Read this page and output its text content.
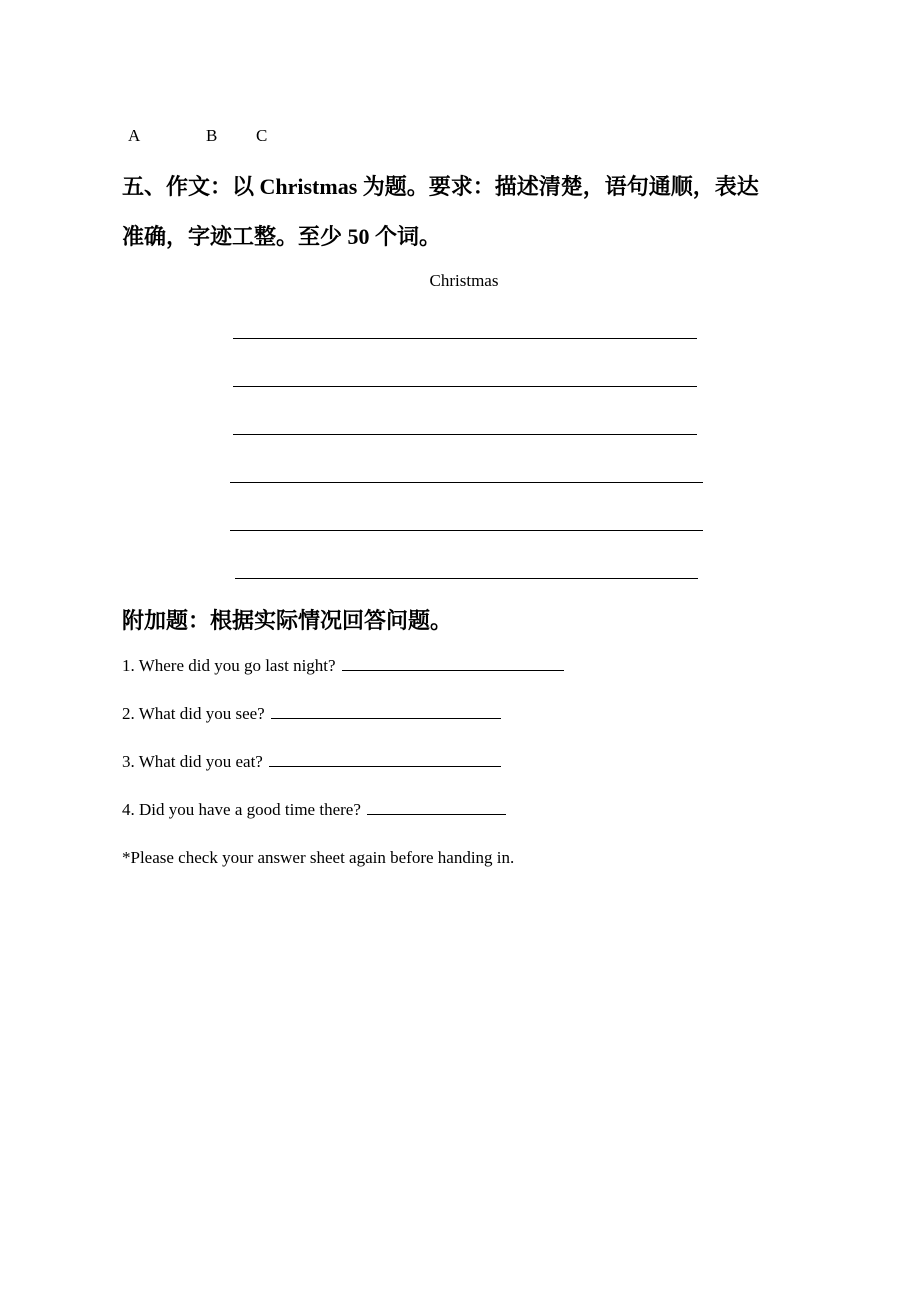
A	B C
五、作文：以 Christmas 为题。要求：描述清楚，语句通顺，表达
准确，字迹工整。至少 50 个词。
Christmas
附加题：根据实际情况回答问题。
1. Where did you go last night?
2. What did you see?
3. What did you eat?
4. Did you have a good time there?
*Please check your answer sheet again before handing in.
